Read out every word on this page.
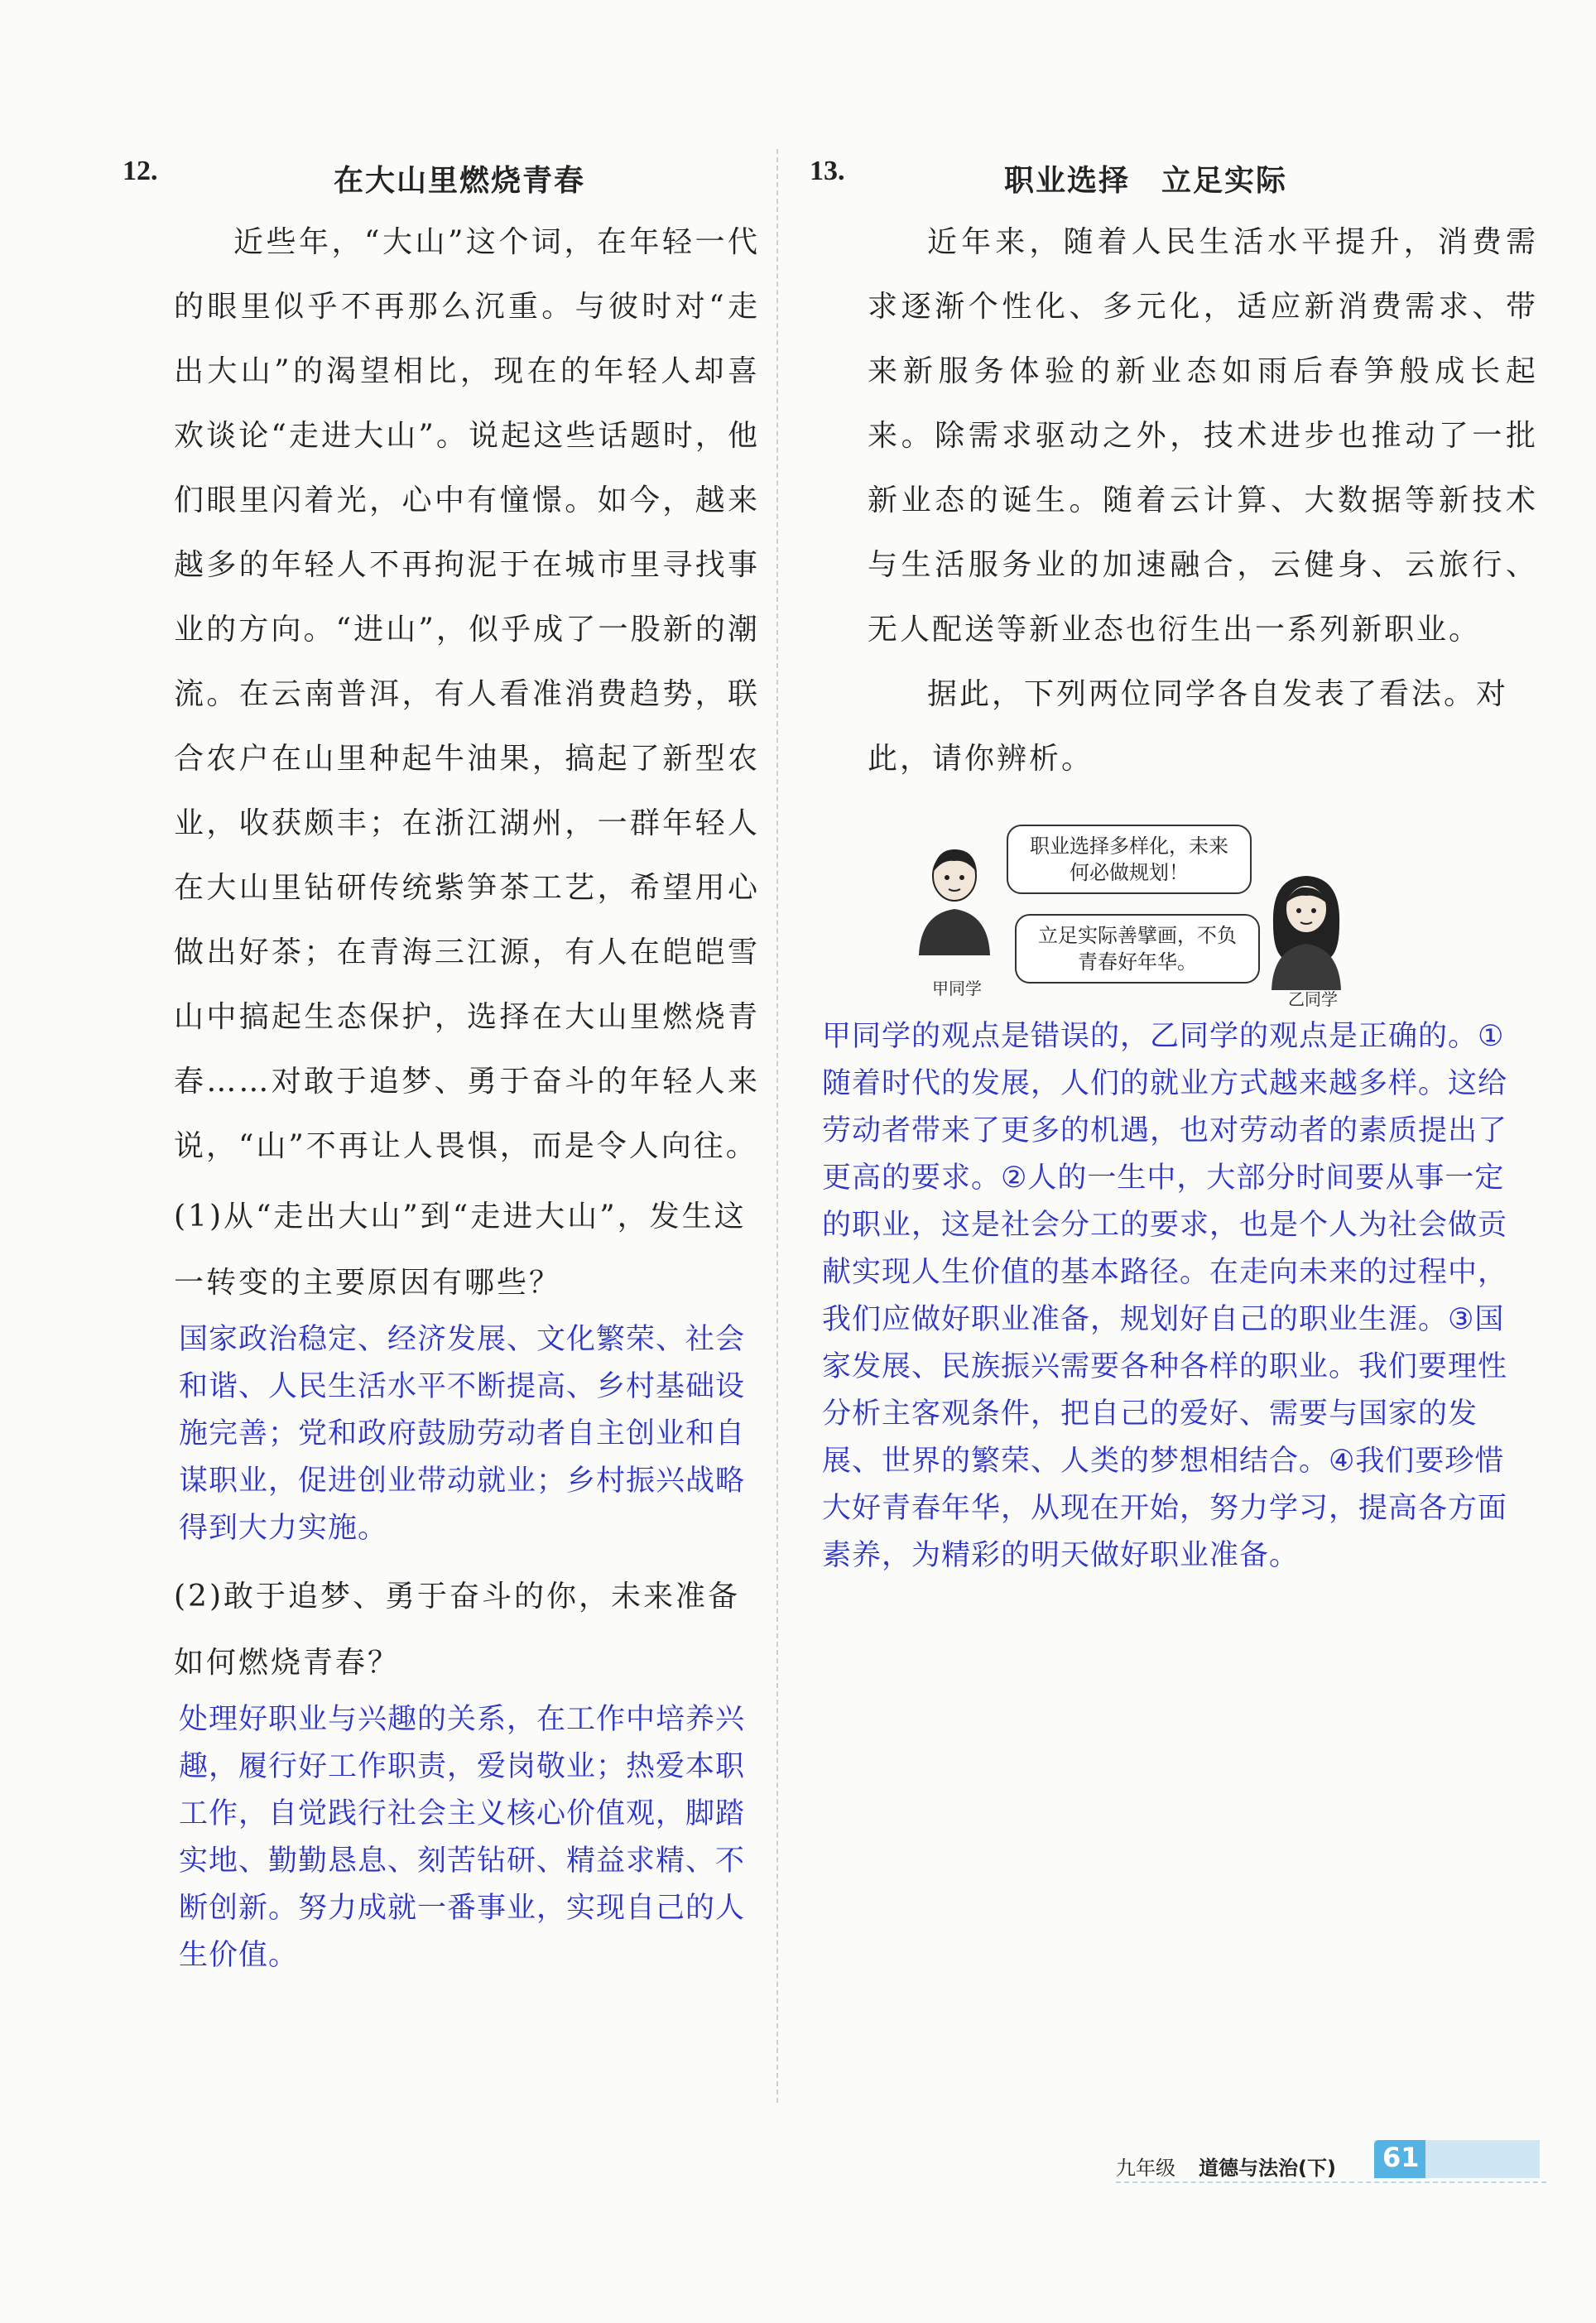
12.	在大山里燃烧青春
近些年，“大山”这个词，在年轻一代的眼里似乎不再那么沉重。与彼时对“走出大山”的渴望相比，现在的年轻人却喜欢谈论“走进大山”。说起这些话题时，他们眼里闪着光，心中有憧憬。如今，越来越多的年轻人不再拘泥于在城市里寻找事业的方向。“进山”，似乎成了一股新的潮流。在云南普洱，有人看准消费趋势，联合农户在山里种起牛油果，搞起了新型农业，收获颇丰；在浙江湖州，一群年轻人在大山里钻研传统紫笋茶工艺，希望用心做出好茶；在青海三江源，有人在皑皑雪山中搞起生态保护，选择在大山里燃烧青春……对敢于追梦、勇于奋斗的年轻人来说，“山”不再让人畏惧，而是令人向往。
(1)从“走出大山”到“走进大山”，发生这一转变的主要原因有哪些？
国家政治稳定、经济发展、文化繁荣、社会和谐、人民生活水平不断提高、乡村基础设施完善；党和政府鼓励劳动者自主创业和自谋职业，促进创业带动就业；乡村振兴战略得到大力实施。
(2)敢于追梦、勇于奋斗的你，未来准备如何燃烧青春？
处理好职业与兴趣的关系，在工作中培养兴趣，履行好工作职责，爱岗敬业；热爱本职工作，自觉践行社会主义核心价值观，脚踏实地、勤勤恳息、刻苦钻研、精益求精、不断创新。努力成就一番事业，实现自己的人生价值。
13.	职业选择　立足实际
近年来，随着人民生活水平提升，消费需求逐渐个性化、多元化，适应新消费需求、带来新服务体验的新业态如雨后春笋般成长起来。除需求驱动之外，技术进步也推动了一批新业态的诞生。随着云计算、大数据等新技术与生活服务业的加速融合，云健身、云旅行、无人配送等新业态也衍生出一系列新职业。
据此，下列两位同学各自发表了看法。对此，请你辨析。
甲同学
职业选择多样化，未来何必做规划！
乙同学
立足实际善擘画，不负青春好年华。
甲同学的观点是错误的，乙同学的观点是正确的。①随着时代的发展，人们的就业方式越来越多样。这给劳动者带来了更多的机遇，也对劳动者的素质提出了更高的要求。②人的一生中，大部分时间要从事一定的职业，这是社会分工的要求，也是个人为社会做贡献实现人生价值的基本路径。在走向未来的过程中，我们应做好职业准备，规划好自己的职业生涯。③国家发展、民族振兴需要各种各样的职业。我们要理性分析主客观条件，把自己的爱好、需要与国家的发展、世界的繁荣、人类的梦想相结合。④我们要珍惜大好青春年华，从现在开始，努力学习，提高各方面素养，为精彩的明天做好职业准备。
九年级 道德与法治(下) 61
